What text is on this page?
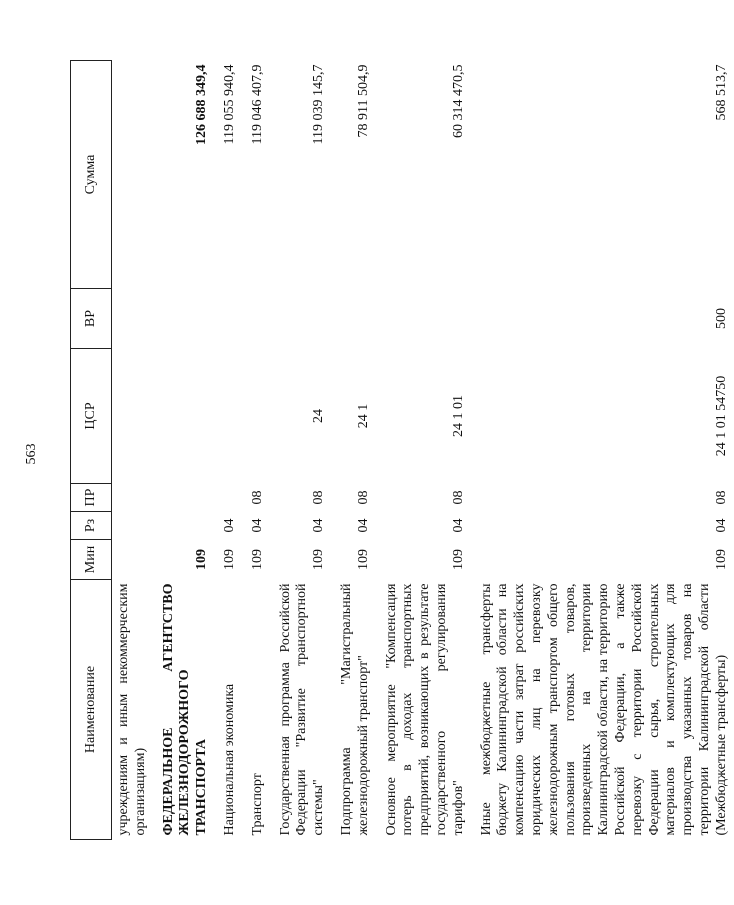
563
Наименование	Мин	Рз	ПР	ЦСР	ВР	Сумма
учреждениям и иным некоммерческим организациям)						
ФЕДЕРАЛЬНОЕ АГЕНТСТВО ЖЕЛЕЗНОДОРОЖНОГО ТРАНСПОРТА	109					126 688 349,4
Национальная экономика	109	04				119 055 940,4
Транспорт	109	04	08			119 046 407,9
Государственная программа Российской Федерации "Развитие транспортной системы"	109	04	08	24		119 039 145,7
Подпрограмма "Магистральный железнодорожный транспорт"	109	04	08	24 1		78 911 504,9
Основное мероприятие "Компенсация потерь в доходах транспортных предприятий, возникающих в результате государственного регулирования тарифов"	109	04	08	24 1 01		60 314 470,5
Иные межбюджетные трансферты бюджету Калининградской области на компенсацию части затрат российских юридических лиц на перевозку железнодорожным транспортом общего пользования готовых товаров, произведенных на территории Калининградской области, на территорию Российской Федерации, а также перевозку с территории Российской Федерации сырья, строительных материалов и комплектующих для производства указанных товаров на территории Калининградской области (Межбюджетные трансферты)	109	04	08	24 1 01 54750	500	568 513,7
